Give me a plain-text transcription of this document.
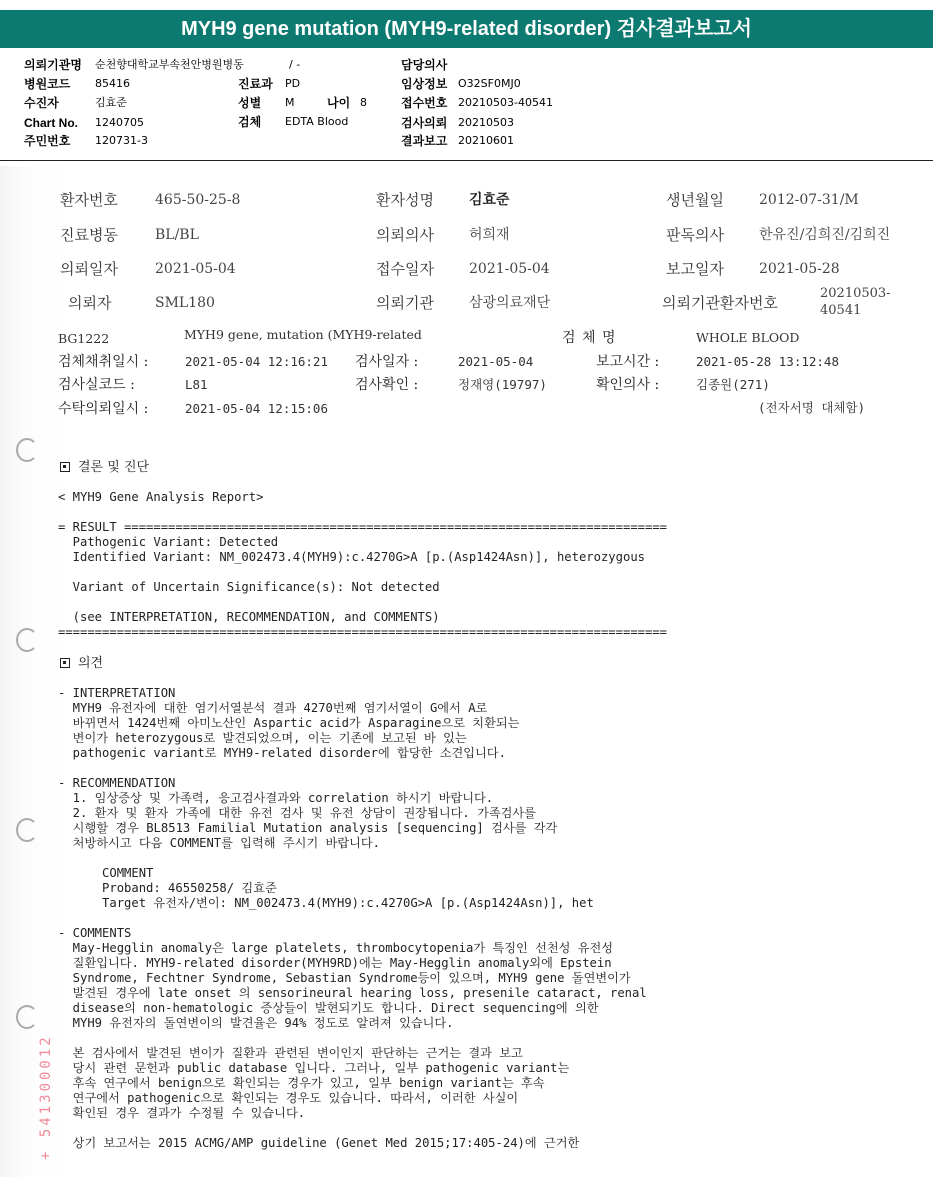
MYH9 gene mutation (MYH9-related disorder) 검사결과보고서
의뢰기관명 순천향대학교부속천안병원병동	/ -	담당의사
병원코드 85416	진료과 PD	임상정보 O32SF0MJ0
수진자	김효준	성별 M	나이 8	접수번호 20210503-40541
Chart No. 1240705	검체 EDTA Blood	검사의뢰 20210503
주민번호 120731-3	결과보고 20210601
환자번호	465-50-25-8	환자성명	김효준	생년월일	2012-07-31/M
진료병동	BL/BL	의뢰의사	허희재	판독의사	한유진/김희진/김희진
의뢰일자	2021-05-04	접수일자	2021-05-04	보고일자	2021-05-28
의뢰자	SML180	의뢰기관	삼광의료재단	의뢰기관환자번호
20210503-
40541
BG1222	MYH9 gene, mutation (MYH9-related	검 체 명	WHOLE BLOOD
검체채취일시 :	2021-05-04 12:16:21 검사일자 :	2021-05-04	보고시간 :	2021-05-28 13:12:48
검사실코드 :	L81	검사확인 :	정재영(19797)	확인의사 :	김종원(271)
수탁의뢰일시 :	2021-05-04 12:15:06	(전자서명 대체함)
결론 및 진단
< MYH9 Gene Analysis Report>
= RESULT ==========================================================================
Pathogenic Variant: Detected
Identified Variant: NM_002473.4(MYH9):c.4270G>A [p.(Asp1424Asn)], heterozygous
Variant of Uncertain Significance(s): Not detected
(see INTERPRETATION, RECOMMENDATION, and COMMENTS)
===================================================================================
의견
- INTERPRETATION
MYH9 유전자에 대한 염기서열분석 결과 4270번째 염기서열이 G에서 A로
바뀌면서 1424번째 아미노산인 Aspartic acid가 Asparagine으로 치환되는
변이가 heterozygous로 발견되었으며, 이는 기존에 보고된 바 있는
pathogenic variant로 MYH9-related disorder에 합당한 소견입니다.
- RECOMMENDATION
1. 임상증상 및 가족력, 응고검사결과와 correlation 하시기 바랍니다.
2. 환자 및 환자 가족에 대한 유전 검사 및 유전 상담이 권장됩니다. 가족검사를
시행할 경우 BL8513 Familial Mutation analysis [sequencing] 검사를 각각
처방하시고 다음 COMMENT를 입력해 주시기 바랍니다.
COMMENT
Proband: 46550258/ 김효준
Target 유전자/변이: NM_002473.4(MYH9):c.4270G>A [p.(Asp1424Asn)], het
- COMMENTS
May-Hegglin anomaly은 large platelets, thrombocytopenia가 특징인 선천성 유전성
질환입니다. MYH9-related disorder(MYH9RD)에는 May-Hegglin anomaly외에 Epstein
Syndrome, Fechtner Syndrome, Sebastian Syndrome등이 있으며, MYH9 gene 돌연변이가
발견된 경우에 late onset 의 sensorineural hearing loss, presenile cataract, renal
disease의 non-hematologic 증상들이 발현되기도 합니다. Direct sequencing에 의한
MYH9 유전자의 돌연변이의 발견율은 94% 정도로 알려져 있습니다.
본 검사에서 발견된 변이가 질환과 관련된 변이인지 판단하는 근거는 결과 보고
당시 관련 문헌과 public database 입니다. 그러나, 일부 pathogenic variant는
후속 연구에서 benign으로 확인되는 경우가 있고, 일부 benign variant는 후속
연구에서 pathogenic으로 확인되는 경우도 있습니다. 따라서, 이러한 사실이
확인된 경우 결과가 수정될 수 있습니다.
상기 보고서는 2015 ACMG/AMP guideline (Genet Med 2015;17:405-24)에 근거한
+ 541300012
